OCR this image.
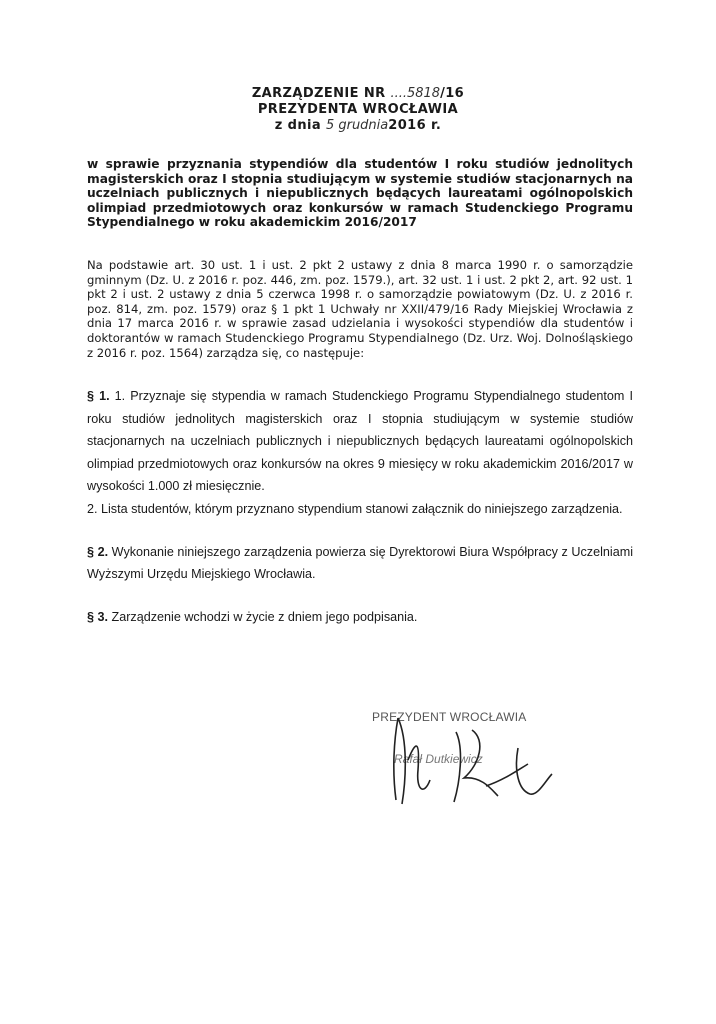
ZARZĄDZENIE NR ....5818/16
PREZYDENTA WROCŁAWIA
z dnia 5 grudnia2016 r.
w sprawie przyznania stypendiów dla studentów I roku studiów jednolitych magisterskich oraz I stopnia studiującym w systemie studiów stacjonarnych na uczelniach publicznych i niepublicznych będących laureatami ogólnopolskich olimpiad przedmiotowych oraz konkursów w ramach Studenckiego Programu Stypendialnego w roku akademickim 2016/2017
Na podstawie art. 30 ust. 1 i ust. 2 pkt 2 ustawy z dnia 8 marca 1990 r. o samorządzie gminnym (Dz. U. z 2016 r. poz. 446, zm. poz. 1579.), art. 32 ust. 1 i ust. 2 pkt 2, art. 92 ust. 1 pkt 2 i ust. 2 ustawy z dnia 5 czerwca 1998 r. o samorządzie powiatowym (Dz. U. z 2016 r. poz. 814, zm. poz. 1579) oraz § 1 pkt 1 Uchwały nr XXII/479/16 Rady Miejskiej Wrocławia z dnia 17 marca 2016 r. w sprawie zasad udzielania i wysokości stypendiów dla studentów i doktorantów w ramach Studenckiego Programu Stypendialnego (Dz. Urz. Woj. Dolnośląskiego z 2016 r. poz. 1564) zarządza się, co następuje:

§ 1. 1. Przyznaje się stypendia w ramach Studenckiego Programu Stypendialnego studentom I roku studiów jednolitych magisterskich oraz I stopnia studiującym w systemie studiów stacjonarnych na uczelniach publicznych i niepublicznych będących laureatami ogólnopolskich olimpiad przedmiotowych oraz konkursów na okres 9 miesięcy w roku akademickim 2016/2017 w wysokości 1.000 zł miesięcznie.

2. Lista studentów, którym przyznano stypendium stanowi załącznik do niniejszego zarządzenia.

§ 2. Wykonanie niniejszego zarządzenia powierza się Dyrektorowi Biura Współpracy z Uczelniami Wyższymi Urzędu Miejskiego Wrocławia.

§ 3. Zarządzenie wchodzi w życie z dniem jego podpisania.

PREZYDENT WROCŁAWIA
Rafał Dutkiewicz
